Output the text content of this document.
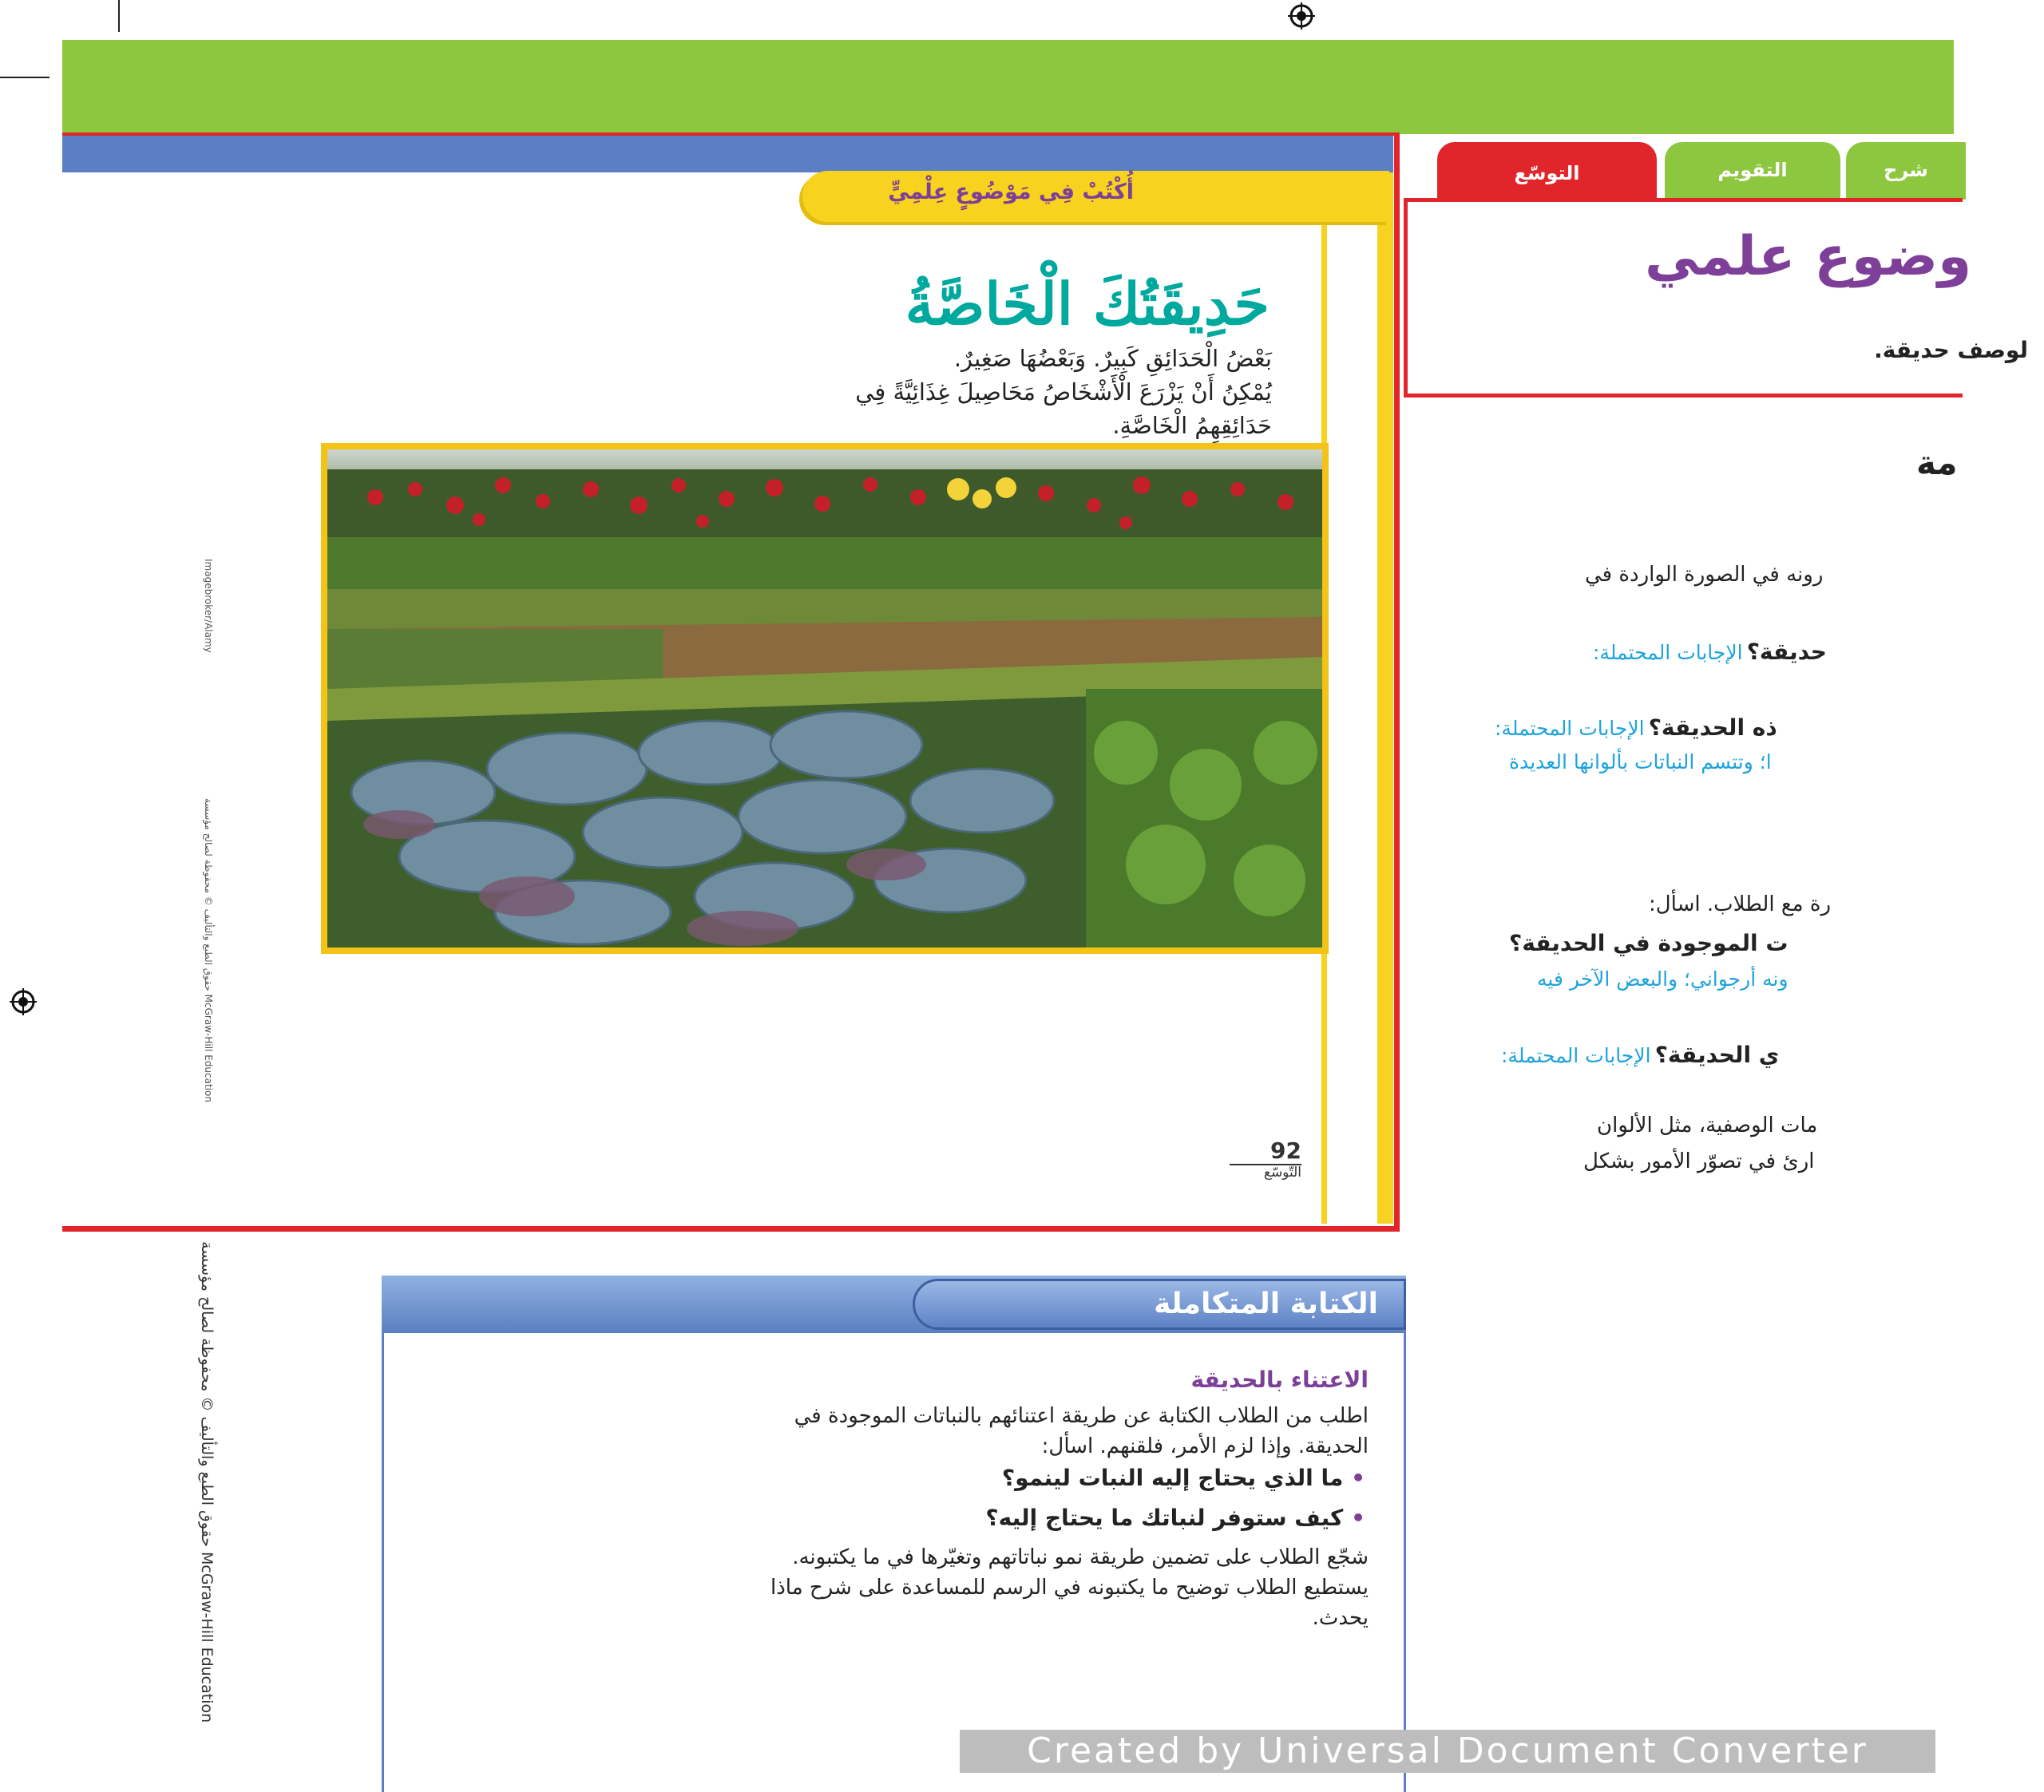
أُكْتُبْ فِي مَوْضُوعٍ عِلْمِيٍّ
حَدِيقَتُكَ الْخَاصَّةُ
بَعْضُ الْحَدَائِقِ كَبِيرٌ. وَبَعْضُهَا صَغِيرٌ.
يُمْكِنُ أَنْ يَزْرَعَ الْأَشْخَاصُ مَحَاصِيلَ غِذَائِيَّةً فِي
حَدَائِقِهِمُ الْخَاصَّةِ.
92
التّوسّع
Imagebroker/Alamy
حقوق الطبع والتأليف © محفوظة لصالح مؤسسة McGraw-Hill Education
حقوق الطبع والتأليف © محفوظة لصالح مؤسسة McGraw-Hill Education
التوسّع	التقويم	شرح
وضوع علمي
لوصف حديقة.
مة
رونه في الصورة الواردة في
حديقة؟ الإجابات المحتملة:
ذه الحديقة؟ الإجابات المحتملة:
ا؛ وتتسم النباتات بألوانها العديدة
رة مع الطلاب. اسأل:
ت الموجودة في الحديقة؟
ونه أرجواني؛ والبعض الآخر فيه
ي الحديقة؟ الإجابات المحتملة:
مات الوصفية، مثل الألوان
ارئ في تصوّر الأمور بشكل
الكتابة المتكاملة
الاعتناء بالحديقة
اطلب من الطلاب الكتابة عن طريقة اعتنائهم بالنباتات الموجودة في
الحديقة. وإذا لزم الأمر، فلقنهم. اسأل:
• ما الذي يحتاج إليه النبات لينمو؟
• كيف ستوفر لنباتك ما يحتاج إليه؟
شجّع الطلاب على تضمين طريقة نمو نباتاتهم وتغيّرها في ما يكتبونه.
يستطيع الطلاب توضيح ما يكتبونه في الرسم للمساعدة على شرح ماذا
يحدث.
Created by Universal Document Converter
